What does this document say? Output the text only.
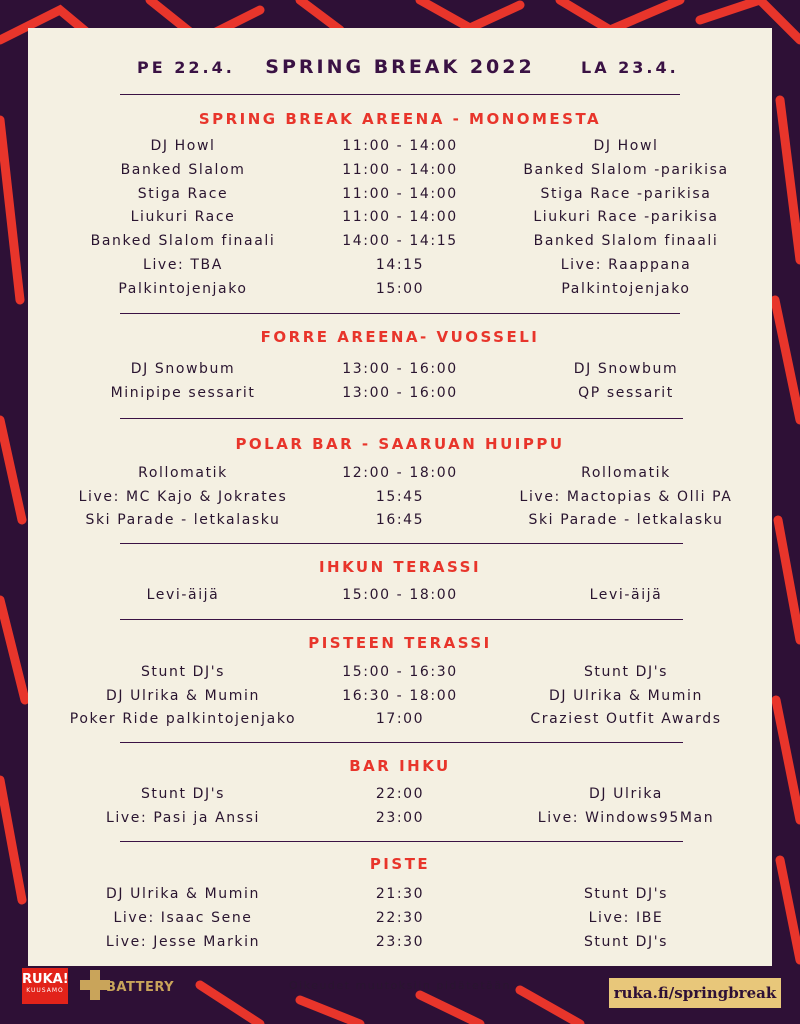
PE 22.4.	SPRING BREAK 2022	LA 23.4.
SPRING BREAK AREENA - MONOMESTA
DJ Howl	11:00 - 14:00	DJ Howl
Banked Slalom	11:00 - 14:00	Banked Slalom -parikisa
Stiga Race	11:00 - 14:00	Stiga Race -parikisa
Liukuri Race	11:00 - 14:00	Liukuri Race -parikisa
Banked Slalom finaali	14:00 - 14:15	Banked Slalom finaali
Live: TBA	14:15	Live: Raappana
Palkintojenjako	15:00	Palkintojenjako
FORRE AREENA- VUOSSELI
DJ Snowbum	13:00 - 16:00	DJ Snowbum
Minipipe sessarit	13:00 - 16:00	QP sessarit
POLAR BAR - SAARUAN HUIPPU
Rollomatik	12:00 - 18:00	Rollomatik
Live: MC Kajo & Jokrates	15:45	Live: Mactopias & Olli PA
Ski Parade - letkalasku	16:45	Ski Parade - letkalasku
IHKUN TERASSI
Levi-äijä	15:00 - 18:00	Levi-äijä
PISTEEN TERASSI
Stunt DJ's	15:00 - 16:30	Stunt DJ's
DJ Ulrika & Mumin	16:30 - 18:00	DJ Ulrika & Mumin
Poker Ride palkintojenjako	17:00	Craziest Outfit Awards
BAR IHKU
Stunt DJ's	22:00	DJ Ulrika
Live: Pasi ja Anssi	23:00	Live: Windows95Man
PISTE
DJ Ulrika & Mumin	21:30	Stunt DJ's
Live: Isaac Sene	22:30	Live: IBE
Live: Jesse Markin	23:30	Stunt DJ's
RUKA!
KUUSAMO	BATTERY	Oikeudet muutoksiin pidätetään	ruka.fi/springbreak
